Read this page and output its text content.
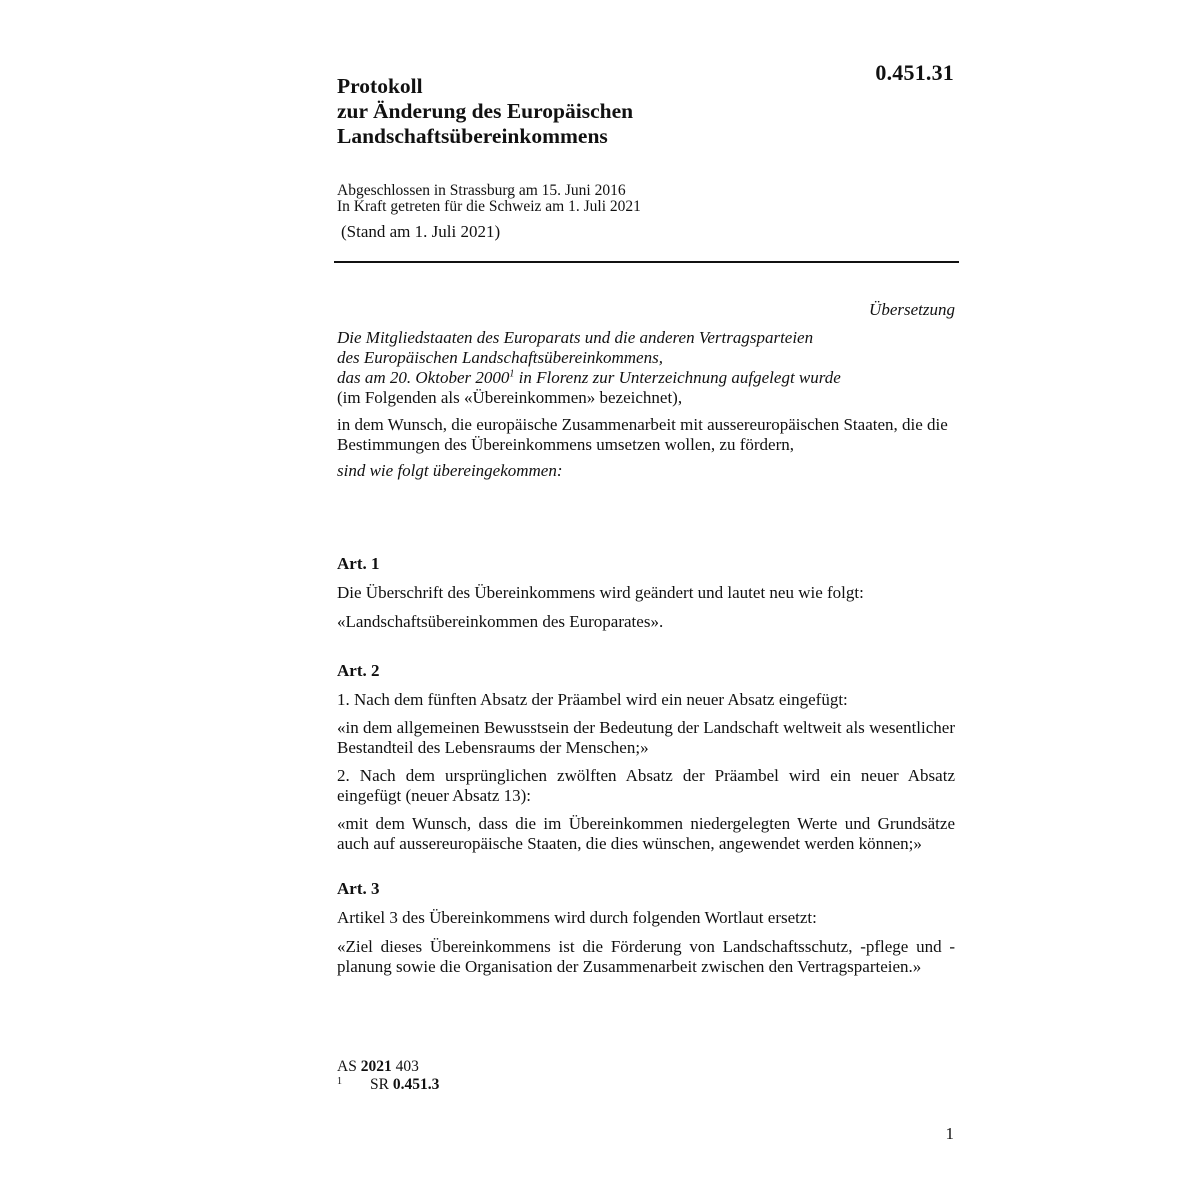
0.451.31
Protokoll
zur Änderung des Europäischen
Landschaftsübereinkommens
Abgeschlossen in Strassburg am 15. Juni 2016
In Kraft getreten für die Schweiz am 1. Juli 2021
(Stand am 1. Juli 2021)
Übersetzung

Die Mitgliedstaaten des Europarats und die anderen Vertragsparteien

des Europäischen Landschaftsübereinkommens,

das am 20. Oktober 2000$^1$ in Florenz zur Unterzeichnung aufgelegt wurde

(im Folgenden als «Übereinkommen» bezeichnet),

in dem Wunsch, die europäische Zusammenarbeit mit aussereuropäischen Staaten, die die Bestimmungen des Übereinkommens umsetzen wollen, zu fördern,

sind wie folgt übereingekommen:

Art. 1

Die Überschrift des Übereinkommens wird geändert und lautet neu wie folgt:

«Landschaftsübereinkommen des Europarates».

Art. 2

1. Nach dem fünften Absatz der Präambel wird ein neuer Absatz eingefügt:

«in dem allgemeinen Bewusstsein der Bedeutung der Landschaft weltweit als wesentlicher Bestandteil des Lebensraums der Menschen;»

2. Nach dem ursprünglichen zwölften Absatz der Präambel wird ein neuer Absatz eingefügt (neuer Absatz 13):

«mit dem Wunsch, dass die im Übereinkommen niedergelegten Werte und Grundsätze auch auf aussereuropäische Staaten, die dies wünschen, angewendet werden können;»

Art. 3

Artikel 3 des Übereinkommens wird durch folgenden Wortlaut ersetzt:

«Ziel dieses Übereinkommens ist die Förderung von Landschaftsschutz, -pflege und -planung sowie die Organisation der Zusammenarbeit zwischen den Vertragsparteien.»

AS 2021 403
1	SR 0.451.3
1
